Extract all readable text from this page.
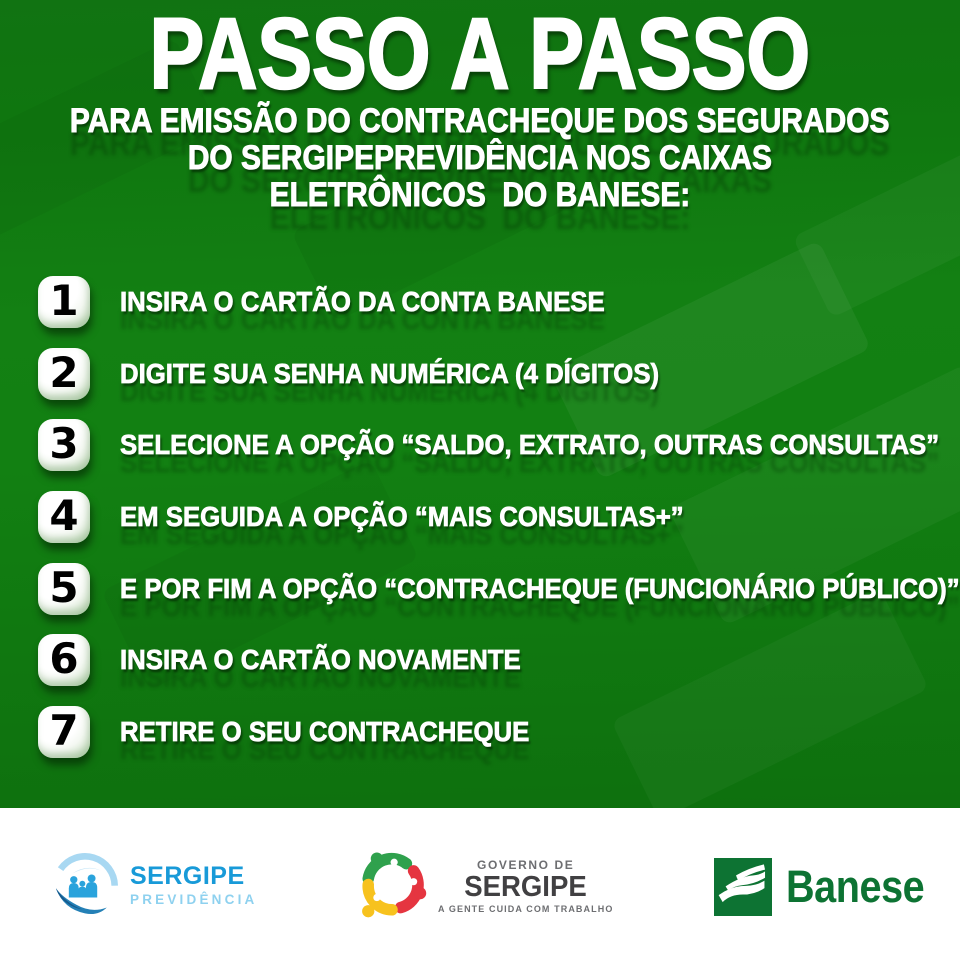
PASSO A PASSO
PARA EMISSÃO DO CONTRACHEQUE DOS SEGURADOS
DO SERGIPEPREVIDÊNCIA NOS CAIXAS
ELETRÔNICOS  DO BANESE:
1 INSIRA O CARTÃO DA CONTA BANESE
2 DIGITE SUA SENHA NUMÉRICA (4 DÍGITOS)
3 SELECIONE A OPÇÃO “SALDO, EXTRATO, OUTRAS CONSULTAS”
4 EM SEGUIDA A OPÇÃO “MAIS CONSULTAS+”
5 E POR FIM A OPÇÃO “CONTRACHEQUE (FUNCIONÁRIO PÚBLICO)”
6 INSIRA O CARTÃO NOVAMENTE
7 RETIRE O SEU CONTRACHEQUE
SERGIPE
PREVIDÊNCIA
GOVERNO DE
SERGIPE
A GENTE CUIDA COM TRABALHO	Banese
